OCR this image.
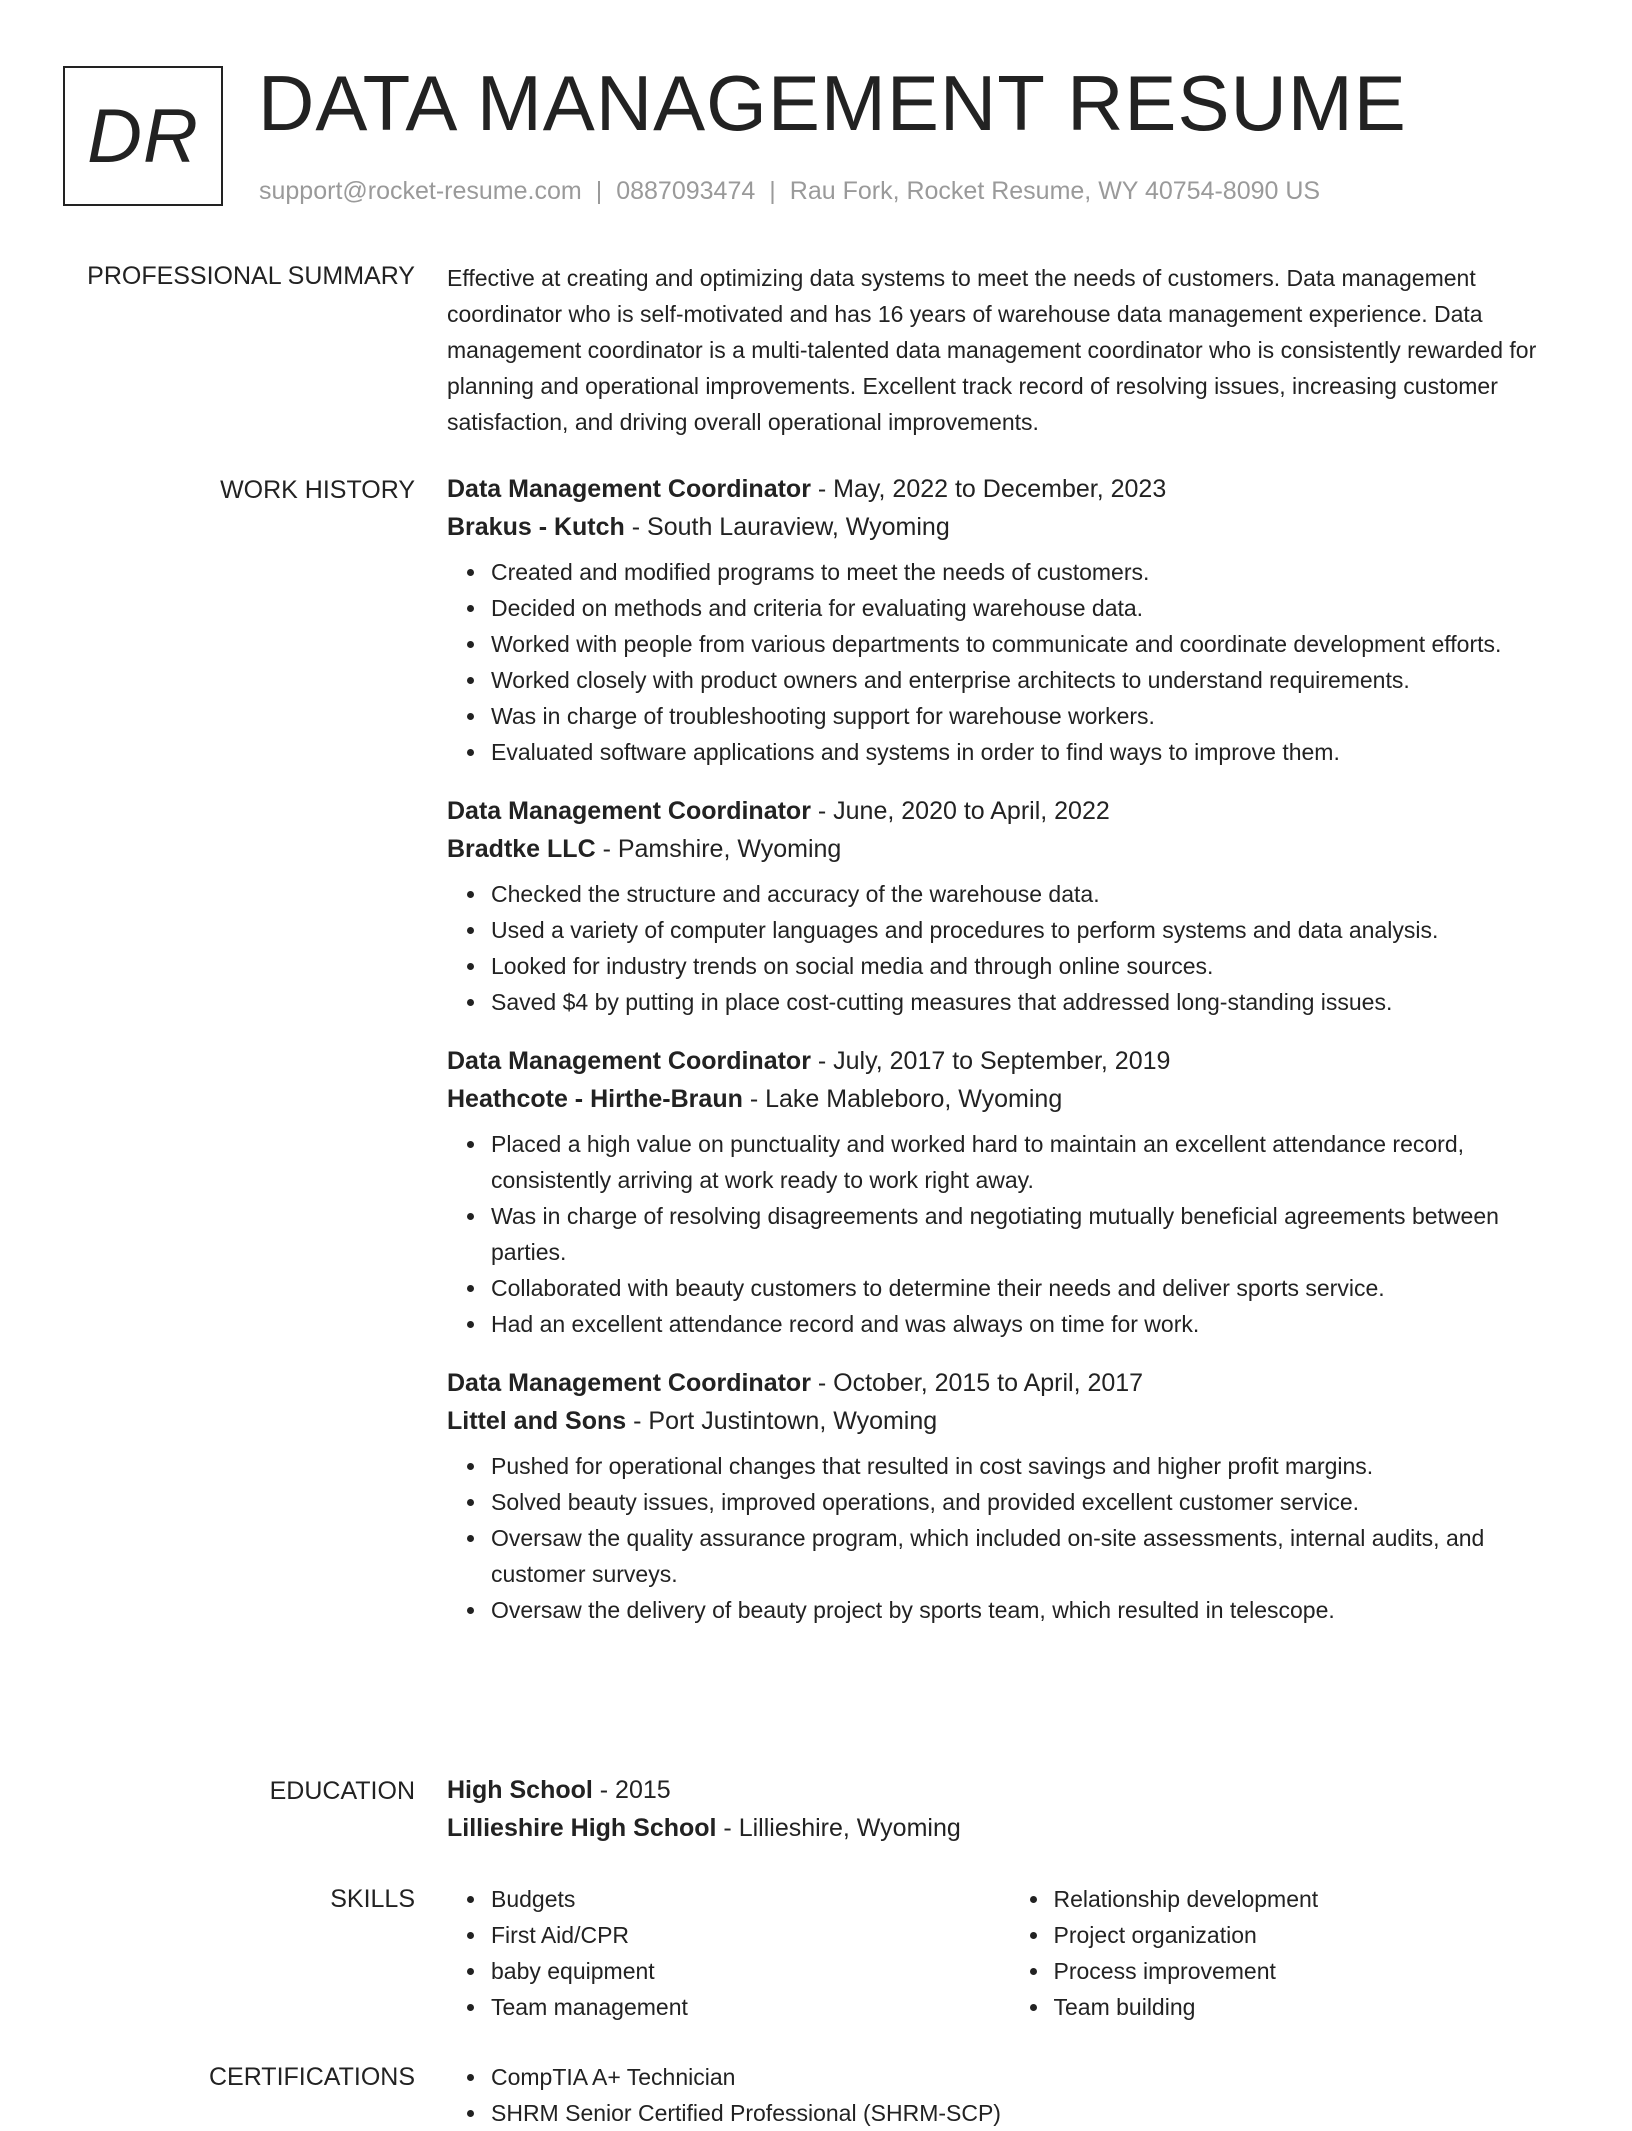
DR DATA MANAGEMENT RESUME
support@rocket-resume.com | 0887093474 | Rau Fork, Rocket Resume, WY 40754-8090 US
PROFESSIONAL SUMMARY Effective at creating and optimizing data systems to meet the needs of customers. Data management coordinator who is self-motivated and has 16 years of warehouse data management experience. Data management coordinator is a multi-talented data management coordinator who is consistently rewarded for planning and operational improvements. Excellent track record of resolving issues, increasing customer satisfaction, and driving overall operational improvements.

WORK HISTORY Data Management Coordinator - May, 2022 to December, 2023

Brakus - Kutch - South Lauraview, Wyoming

Created and modified programs to meet the needs of customers.
Decided on methods and criteria for evaluating warehouse data.
Worked with people from various departments to communicate and coordinate development efforts.
Worked closely with product owners and enterprise architects to understand requirements.
Was in charge of troubleshooting support for warehouse workers.
Evaluated software applications and systems in order to find ways to improve them.

Data Management Coordinator - June, 2020 to April, 2022

Bradtke LLC - Pamshire, Wyoming

Checked the structure and accuracy of the warehouse data.
Used a variety of computer languages and procedures to perform systems and data analysis.
Looked for industry trends on social media and through online sources.
Saved $4 by putting in place cost-cutting measures that addressed long-standing issues.

Data Management Coordinator - July, 2017 to September, 2019

Heathcote - Hirthe-Braun - Lake Mableboro, Wyoming

Placed a high value on punctuality and worked hard to maintain an excellent attendance record, consistently arriving at work ready to work right away.
Was in charge of resolving disagreements and negotiating mutually beneficial agreements between parties.
Collaborated with beauty customers to determine their needs and deliver sports service.
Had an excellent attendance record and was always on time for work.

Data Management Coordinator - October, 2015 to April, 2017

Littel and Sons - Port Justintown, Wyoming

Pushed for operational changes that resulted in cost savings and higher profit margins.
Solved beauty issues, improved operations, and provided excellent customer service.
Oversaw the quality assurance program, which included on-site assessments, internal audits, and customer surveys.
Oversaw the delivery of beauty project by sports team, which resulted in telescope.
EDUCATION High School - 2015

Lillieshire High School - Lillieshire, Wyoming

SKILLS	Budgets
First Aid/CPR
baby equipment
Team management
Relationship development
Project organization
Process improvement
Team building
CERTIFICATIONS	CompTIA A+ Technician
SHRM Senior Certified Professional (SHRM-SCP)
